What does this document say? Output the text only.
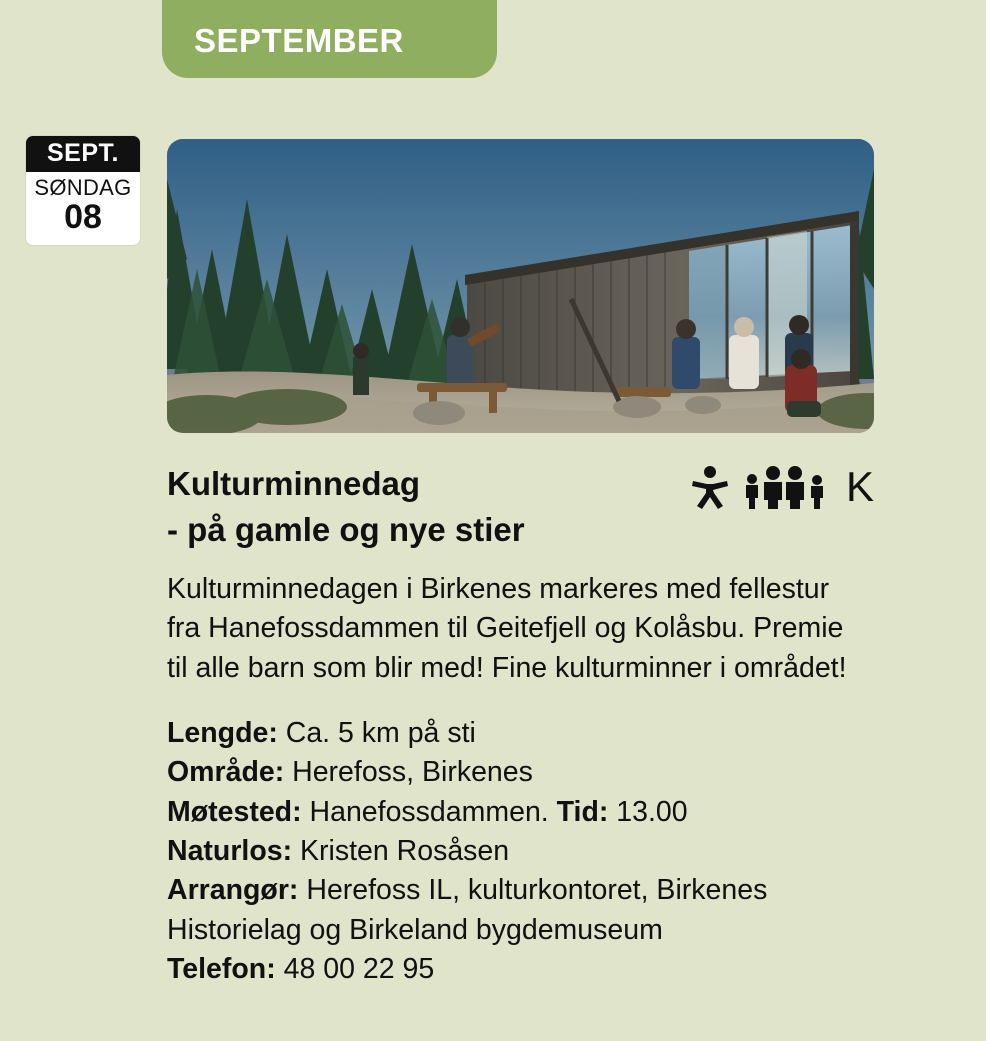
SEPTEMBER
SEPT.
SØNDAG
08
Kulturminnedag
- på gamle og nye stier
K
Kulturminnedagen i Birkenes markeres med fellestur fra Hanefossdammen til Geitefjell og Kolåsbu. Premie til alle barn som blir med! Fine kulturminner i området!
Lengde: Ca. 5 km på sti
Område: Herefoss, Birkenes
Møtested: Hanefossdammen. Tid: 13.00
Naturlos: Kristen Rosåsen
Arrangør: Herefoss IL, kulturkontoret, Birkenes Historielag og Birkeland bygdemuseum
Telefon: 48 00 22 95
